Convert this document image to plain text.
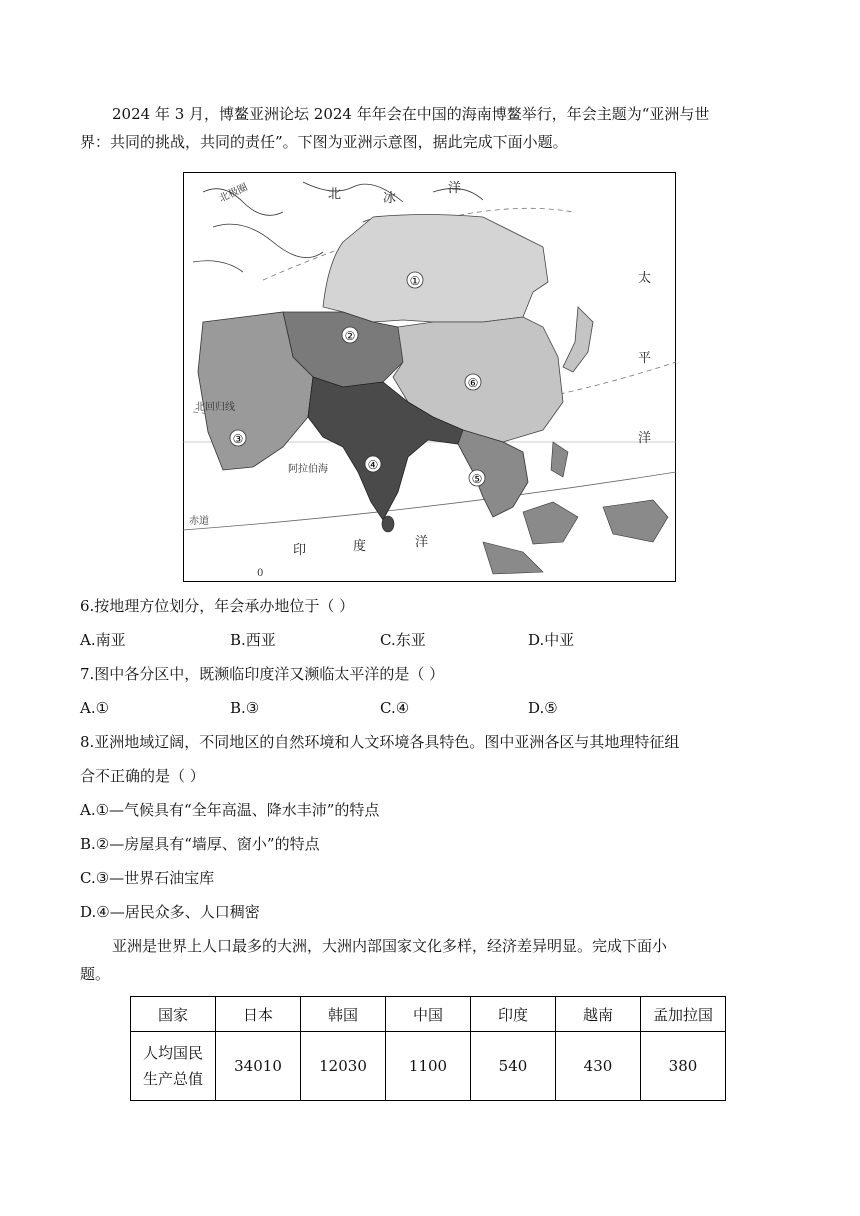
2024 年 3 月，博鳌亚洲论坛 2024 年年会在中国的海南博鳌举行，年会主题为“亚洲与世
界：共同的挑战，共同的责任”。下图为亚洲示意图，据此完成下面小题。

①
②
③
④
⑤
⑥
北	冰
洋
太
平
洋
印	度	洋
北极圈
北回归线
阿拉伯海
赤道
0
6.按地理方位划分，年会承办地位于（ ）
A.南亚	B.西亚	C.东亚	D.中亚
7.图中各分区中，既濒临印度洋又濒临太平洋的是（ ）
A.①	B.③	C.④	D.⑤
8.亚洲地域辽阔，不同地区的自然环境和人文环境各具特色。图中亚洲各区与其地理特征组
合不正确的是（ ）
A.①—气候具有“全年高温、降水丰沛”的特点
B.②—房屋具有“墙厚、窗小”的特点
C.③—世界石油宝库
D.④—居民众多、人口稠密

亚洲是世界上人口最多的大洲，大洲内部国家文化多样，经济差异明显。完成下面小
题。

国家	日本	韩国	中国	印度	越南	孟加拉国

人均国民
生产总值	34010	12030	1100	540	430	380
